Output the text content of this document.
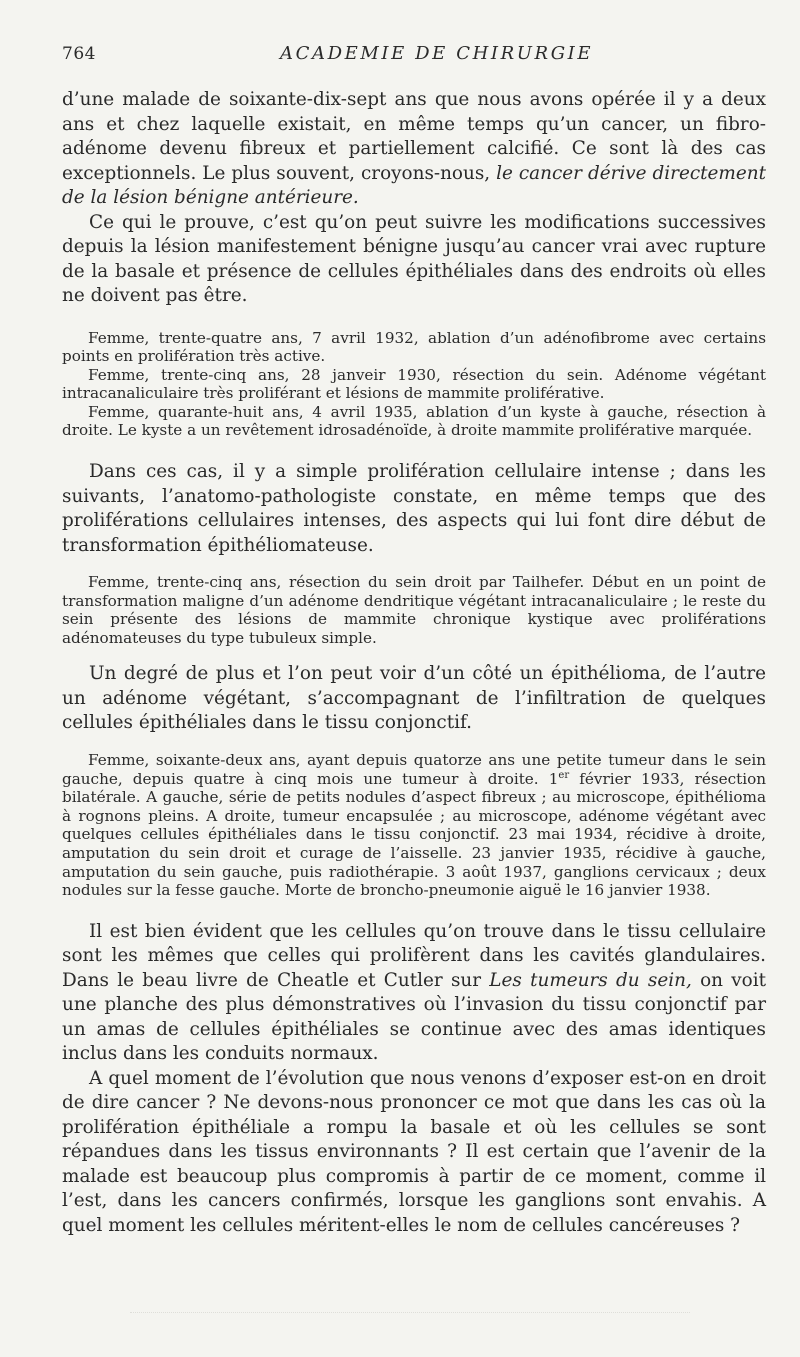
764	ACADEMIE DE CHIRURGIE

d’une malade de soixante-dix-sept ans que nous avons opérée il y a deux ans et chez laquelle existait, en même temps qu’un cancer, un fibro-adénome devenu fibreux et partiellement calcifié. Ce sont là des cas exceptionnels. Le plus souvent, croyons-nous, le cancer dérive directement de la lésion bénigne antérieure.

Ce qui le prouve, c’est qu’on peut suivre les modifications successives depuis la lésion manifestement bénigne jusqu’au cancer vrai avec rupture de la basale et présence de cellules épithéliales dans des endroits où elles ne doivent pas être.

Femme, trente-quatre ans, 7 avril 1932, ablation d’un adénofibrome avec certains points en prolifération très active.

Femme, trente-cinq ans, 28 janveir 1930, résection du sein. Adénome végétant intracanaliculaire très proliférant et lésions de mammite proliférative.

Femme, quarante-huit ans, 4 avril 1935, ablation d’un kyste à gauche, résection à droite. Le kyste a un revêtement idrosadénoïde, à droite mammite proliférative marquée.

Dans ces cas, il y a simple prolifération cellulaire intense ; dans les suivants, l’anatomo-pathologiste constate, en même temps que des proliférations cellulaires intenses, des aspects qui lui font dire début de transformation épithéliomateuse.

Femme, trente-cinq ans, résection du sein droit par Tailhefer. Début en un point de transformation maligne d’un adénome dendritique végétant intracanaliculaire ; le reste du sein présente des lésions de mammite chronique kystique avec proliférations adénomateuses du type tubuleux simple.

Un degré de plus et l’on peut voir d’un côté un épithélioma, de l’autre un adénome végétant, s’accompagnant de l’infiltration de quelques cellules épithéliales dans le tissu conjonctif.

Femme, soixante-deux ans, ayant depuis quatorze ans une petite tumeur dans le sein gauche, depuis quatre à cinq mois une tumeur à droite. 1er février 1933, résection bilatérale. A gauche, série de petits nodules d’aspect fibreux ; au microscope, épithélioma à rognons pleins. A droite, tumeur encapsulée ; au microscope, adénome végétant avec quelques cellules épithéliales dans le tissu conjonctif. 23 mai 1934, récidive à droite, amputation du sein droit et curage de l’aisselle. 23 janvier 1935, récidive à gauche, amputation du sein gauche, puis radiothérapie. 3 août 1937, ganglions cervicaux ; deux nodules sur la fesse gauche. Morte de broncho-pneumonie aiguë le 16 janvier 1938.

Il est bien évident que les cellules qu’on trouve dans le tissu cellulaire sont les mêmes que celles qui prolifèrent dans les cavités glandulaires. Dans le beau livre de Cheatle et Cutler sur Les tumeurs du sein, on voit une planche des plus démonstratives où l’invasion du tissu conjonctif par un amas de cellules épithéliales se continue avec des amas identiques inclus dans les conduits normaux.

A quel moment de l’évolution que nous venons d’exposer est-on en droit de dire cancer ? Ne devons-nous prononcer ce mot que dans les cas où la prolifération épithéliale a rompu la basale et où les cellules se sont répandues dans les tissus environnants ? Il est certain que l’avenir de la malade est beaucoup plus compromis à partir de ce moment, comme il l’est, dans les cancers confirmés, lorsque les ganglions sont envahis. A quel moment les cellules méritent-elles le nom de cellules cancéreuses ?
